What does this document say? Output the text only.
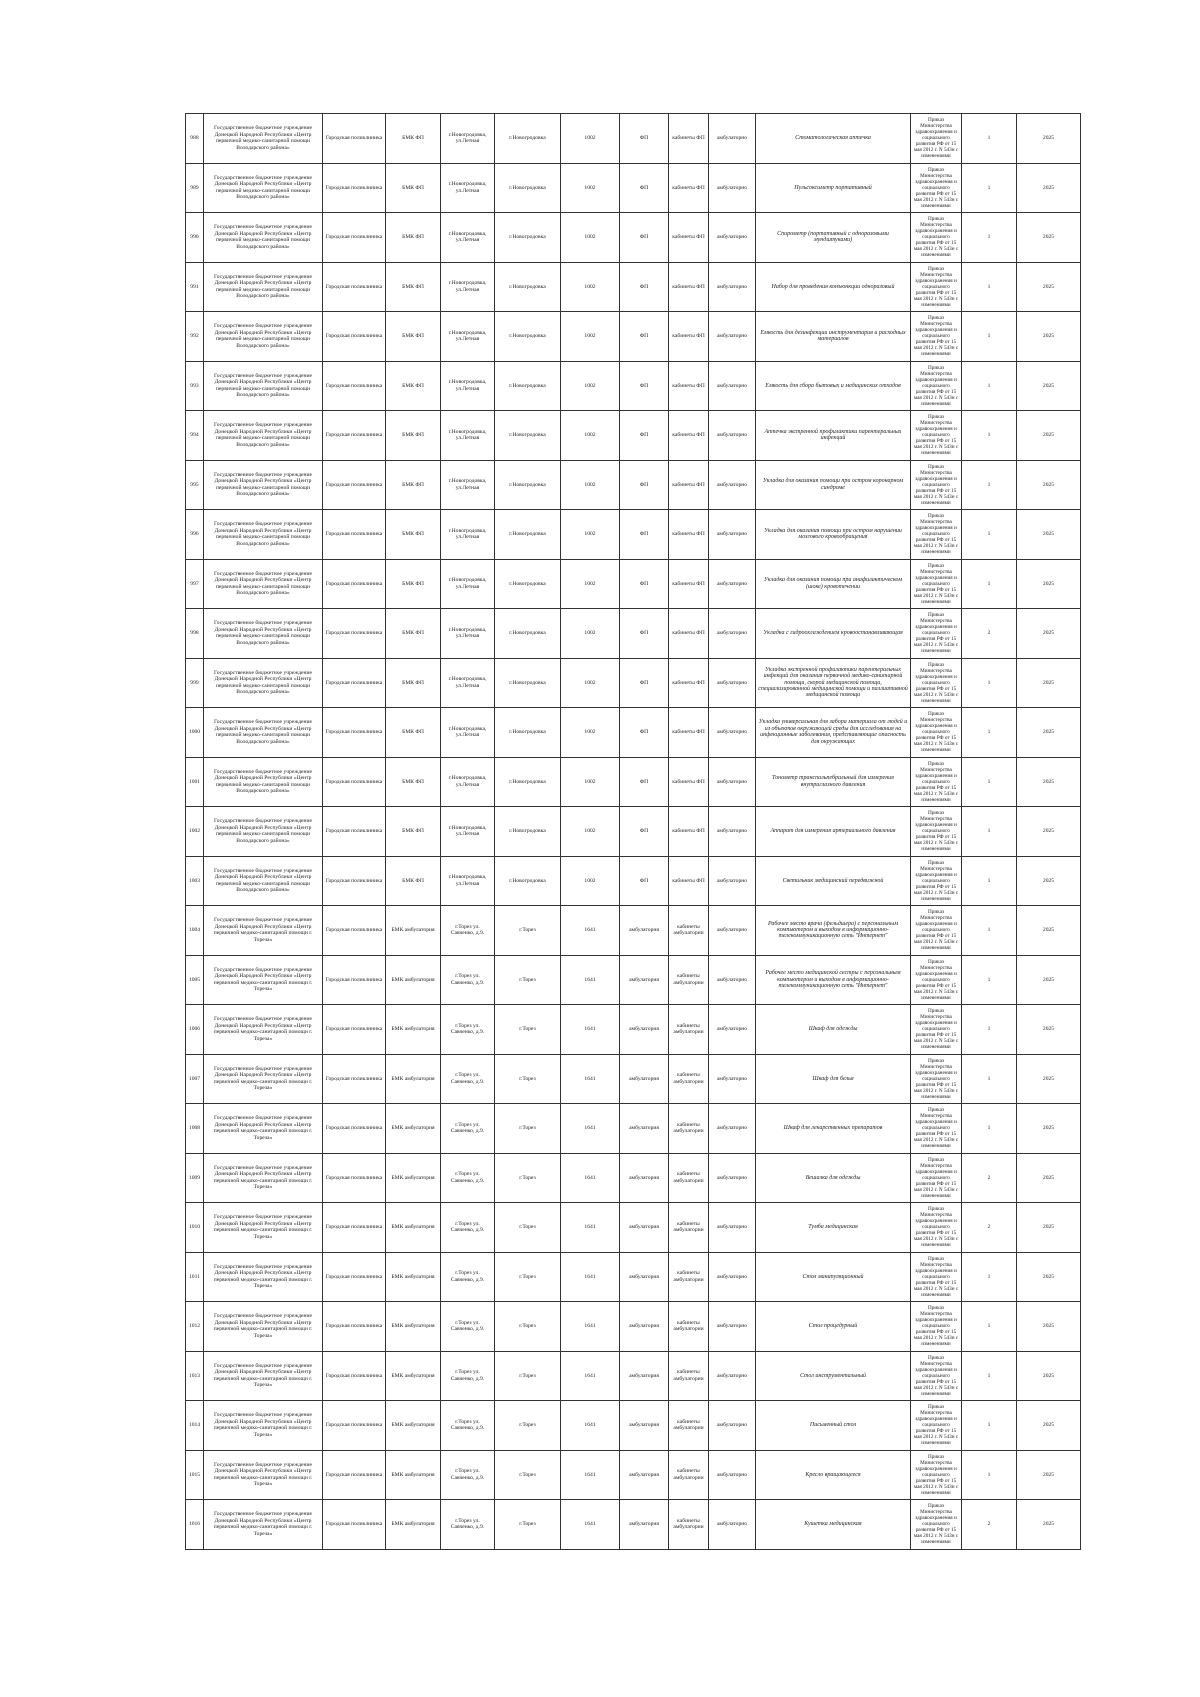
988	Государственное бюджетное учреждение Донецкой Народной Республики «Центр первичной медико-санитарной помощи Володарского района»	Городская поликлиника	БМК ФП	г.Новогродовка, ул.Летная	г.Новогродовка	1002	ФП	кабинеты ФП	амбулаторно	Стоматологическая аптечка	Приказ Министерства здравоохранения и социального развития РФ от 15 мая 2012 г. N 543н с изменениями	1	2025
989	Государственное бюджетное учреждение Донецкой Народной Республики «Центр первичной медико-санитарной помощи Володарского района»	Городская поликлиника	БМК ФП	г.Новогродовка, ул.Летная	г.Новогродовка	1002	ФП	кабинеты ФП	амбулаторно	Пульсоксиметр портативный	Приказ Министерства здравоохранения и социального развития РФ от 15 мая 2012 г. N 543н с изменениями	1	2025
990	Государственное бюджетное учреждение Донецкой Народной Республики «Центр первичной медико-санитарной помощи Володарского района»	Городская поликлиника	БМК ФП	г.Новогродовка, ул.Летная	г.Новогродовка	1002	ФП	кабинеты ФП	амбулаторно	Спирометр (портативный с одноразовыми мундштуками)	Приказ Министерства здравоохранения и социального развития РФ от 15 мая 2012 г. N 543н с изменениями	1	2025
991	Государственное бюджетное учреждение Донецкой Народной Республики «Центр первичной медико-санитарной помощи Володарского района»	Городская поликлиника	БМК ФП	г.Новогродовка, ул.Летная	г.Новогродовка	1002	ФП	кабинеты ФП	амбулаторно	Набор для проведения конъюнкции одноразовый	Приказ Министерства здравоохранения и социального развития РФ от 15 мая 2012 г. N 543н с изменениями	1	2025
992	Государственное бюджетное учреждение Донецкой Народной Республики «Центр первичной медико-санитарной помощи Володарского района»	Городская поликлиника	БМК ФП	г.Новогродовка, ул.Летная	г.Новогродовка	1002	ФП	кабинеты ФП	амбулаторно	Емкость для дезинфекции инструментария и расходных материалов	Приказ Министерства здравоохранения и социального развития РФ от 15 мая 2012 г. N 543н с изменениями	1	2025
993	Государственное бюджетное учреждение Донецкой Народной Республики «Центр первичной медико-санитарной помощи Володарского района»	Городская поликлиника	БМК ФП	г.Новогродовка, ул.Летная	г.Новогродовка	1002	ФП	кабинеты ФП	амбулаторно	Емкость для сбора бытовых и медицинских отходов	Приказ Министерства здравоохранения и социального развития РФ от 15 мая 2012 г. N 543н с изменениями	1	2025
994	Государственное бюджетное учреждение Донецкой Народной Республики «Центр первичной медико-санитарной помощи Володарского района»	Городская поликлиника	БМК ФП	г.Новогродовка, ул.Летная	г.Новогродовка	1002	ФП	кабинеты ФП	амбулаторно	Аптечка экстренной профилактики парентеральных инфекций	Приказ Министерства здравоохранения и социального развития РФ от 15 мая 2012 г. N 543н с изменениями	1	2025
995	Государственное бюджетное учреждение Донецкой Народной Республики «Центр первичной медико-санитарной помощи Володарского района»	Городская поликлиника	БМК ФП	г.Новогродовка, ул.Летная	г.Новогродовка	1002	ФП	кабинеты ФП	амбулаторно	Укладка для оказания помощи при остром коронарном синдроме	Приказ Министерства здравоохранения и социального развития РФ от 15 мая 2012 г. N 543н с изменениями	1	2025
996	Государственное бюджетное учреждение Донецкой Народной Республики «Центр первичной медико-санитарной помощи Володарского района»	Городская поликлиника	БМК ФП	г.Новогродовка, ул.Летная	г.Новогродовка	1002	ФП	кабинеты ФП	амбулаторно	Укладка для оказания помощи при остром нарушении мозгового кровообращения	Приказ Министерства здравоохранения и социального развития РФ от 15 мая 2012 г. N 543н с изменениями	1	2025
997	Государственное бюджетное учреждение Донецкой Народной Республики «Центр первичной медико-санитарной помощи Володарского района»	Городская поликлиника	БМК ФП	г.Новогродовка, ул.Летная	г.Новогродовка	1002	ФП	кабинеты ФП	амбулаторно	Укладка для оказания помощи при анафилактическом (шоке) кровотечении	Приказ Министерства здравоохранения и социального развития РФ от 15 мая 2012 г. N 543н с изменениями	1	2025
998	Государственное бюджетное учреждение Донецкой Народной Республики «Центр первичной медико-санитарной помощи Володарского района»	Городская поликлиника	БМК ФП	г.Новогродовка, ул.Летная	г.Новогродовка	1002	ФП	кабинеты ФП	амбулаторно	Укладка с гидроохлаждением кровоостанавливающая	Приказ Министерства здравоохранения и социального развития РФ от 15 мая 2012 г. N 543н с изменениями	2	2025
999	Государственное бюджетное учреждение Донецкой Народной Республики «Центр первичной медико-санитарной помощи Володарского района»	Городская поликлиника	БМК ФП	г.Новогродовка, ул.Летная	г.Новогродовка	1002	ФП	кабинеты ФП	амбулаторно	Укладка экстренной профилактики парентеральных инфекций для оказания первичной медико-санитарной помощи, скорой медицинской помощи, специализированной медицинской помощи и паллиативной медицинской помощи	Приказ Министерства здравоохранения и социального развития РФ от 15 мая 2012 г. N 543н с изменениями	1	2025
1000	Государственное бюджетное учреждение Донецкой Народной Республики «Центр первичной медико-санитарной помощи Володарского района»	Городская поликлиника	БМК ФП	г.Новогродовка, ул.Летная	г.Новогродовка	1002	ФП	кабинеты ФП	амбулаторно	Укладка универсальная для забора материала от людей и из объектов окружающей среды для исследования на инфекционные заболевания, представляющие опасность для окружающих	Приказ Министерства здравоохранения и социального развития РФ от 15 мая 2012 г. N 543н с изменениями	1	2025
1001	Государственное бюджетное учреждение Донецкой Народной Республики «Центр первичной медико-санитарной помощи Володарского района»	Городская поликлиника	БМК ФП	г.Новогродовка, ул.Летная	г.Новогродовка	1002	ФП	кабинеты ФП	амбулаторно	Тонометр транспальпебральный для измерения внутриглазного давления	Приказ Министерства здравоохранения и социального развития РФ от 15 мая 2012 г. N 543н с изменениями	1	2025
1002	Государственное бюджетное учреждение Донецкой Народной Республики «Центр первичной медико-санитарной помощи Володарского района»	Городская поликлиника	БМК ФП	г.Новогродовка, ул.Летная	г.Новогродовка	1002	ФП	кабинеты ФП	амбулаторно	Аппарат для измерения артериального давления	Приказ Министерства здравоохранения и социального развития РФ от 15 мая 2012 г. N 543н с изменениями	1	2025
1003	Государственное бюджетное учреждение Донецкой Народной Республики «Центр первичной медико-санитарной помощи Володарского района»	Городская поликлиника	БМК ФП	г.Новогродовка, ул.Летная	г.Новогродовка	1002	ФП	кабинеты ФП	амбулаторно	Светильник медицинский передвижной	Приказ Министерства здравоохранения и социального развития РФ от 15 мая 2012 г. N 543н с изменениями	1	2025
1004	Государственное бюджетное учреждение Донецкой Народной Республики «Центр первичной медико-санитарной помощи г. Тореза»	Городская поликлиника	БМК амбулатория	г.Торез ул. Савченко, д.9.	г.Торез	1641	амбулатория	кабинеты амбулатории	амбулаторно	Рабочее место врача (фельдшера) с персональным компьютером и выходом в информационно-телекоммуникационную сеть "Интернет"	Приказ Министерства здравоохранения и социального развития РФ от 15 мая 2012 г. N 543н с изменениями	1	2025
1005	Государственное бюджетное учреждение Донецкой Народной Республики «Центр первичной медико-санитарной помощи г. Тореза»	Городская поликлиника	БМК амбулатория	г.Торез ул. Савченко, д.9.	г.Торез	1641	амбулатория	кабинеты амбулатории	амбулаторно	Рабочее место медицинской сестры с персональным компьютером и выходом в информационно-телекоммуникационную сеть "Интернет"	Приказ Министерства здравоохранения и социального развития РФ от 15 мая 2012 г. N 543н с изменениями	1	2025
1006	Государственное бюджетное учреждение Донецкой Народной Республики «Центр первичной медико-санитарной помощи г. Тореза»	Городская поликлиника	БМК амбулатория	г.Торез ул. Савченко, д.9.	г.Торез	1641	амбулатория	кабинеты амбулатории	амбулаторно	Шкаф для одежды	Приказ Министерства здравоохранения и социального развития РФ от 15 мая 2012 г. N 543н с изменениями	1	2025
1007	Государственное бюджетное учреждение Донецкой Народной Республики «Центр первичной медико-санитарной помощи г. Тореза»	Городская поликлиника	БМК амбулатория	г.Торез ул. Савченко, д.9.	г.Торез	1641	амбулатория	кабинеты амбулатории	амбулаторно	Шкаф для белья	Приказ Министерства здравоохранения и социального развития РФ от 15 мая 2012 г. N 543н с изменениями	1	2025
1008	Государственное бюджетное учреждение Донецкой Народной Республики «Центр первичной медико-санитарной помощи г. Тореза»	Городская поликлиника	БМК амбулатория	г.Торез ул. Савченко, д.9.	г.Торез	1641	амбулатория	кабинеты амбулатории	амбулаторно	Шкаф для лекарственных препаратов	Приказ Министерства здравоохранения и социального развития РФ от 15 мая 2012 г. N 543н с изменениями	1	2025
1009	Государственное бюджетное учреждение Донецкой Народной Республики «Центр первичной медико-санитарной помощи г. Тореза»	Городская поликлиника	БМК амбулатория	г.Торез ул. Савченко, д.9.	г.Торез	1641	амбулатория	кабинеты амбулатории	амбулаторно	Вешалка для одежды	Приказ Министерства здравоохранения и социального развития РФ от 15 мая 2012 г. N 543н с изменениями	2	2025
1010	Государственное бюджетное учреждение Донецкой Народной Республики «Центр первичной медико-санитарной помощи г. Тореза»	Городская поликлиника	БМК амбулатория	г.Торез ул. Савченко, д.9.	г.Торез	1641	амбулатория	кабинеты амбулатории	амбулаторно	Тумба медицинская	Приказ Министерства здравоохранения и социального развития РФ от 15 мая 2012 г. N 543н с изменениями	2	2025
1011	Государственное бюджетное учреждение Донецкой Народной Республики «Центр первичной медико-санитарной помощи г. Тореза»	Городская поликлиника	БМК амбулатория	г.Торез ул. Савченко, д.9.	г.Торез	1641	амбулатория	кабинеты амбулатории	амбулаторно	Стол манипуляционный	Приказ Министерства здравоохранения и социального развития РФ от 15 мая 2012 г. N 543н с изменениями	1	2025
1012	Государственное бюджетное учреждение Донецкой Народной Республики «Центр первичной медико-санитарной помощи г. Тореза»	Городская поликлиника	БМК амбулатория	г.Торез ул. Савченко, д.9.	г.Торез	1641	амбулатория	кабинеты амбулатории	амбулаторно	Стол процедурный	Приказ Министерства здравоохранения и социального развития РФ от 15 мая 2012 г. N 543н с изменениями	1	2025
1013	Государственное бюджетное учреждение Донецкой Народной Республики «Центр первичной медико-санитарной помощи г. Тореза»	Городская поликлиника	БМК амбулатория	г.Торез ул. Савченко, д.9.	г.Торез	1641	амбулатория	кабинеты амбулатории	амбулаторно	Стол инструментальный	Приказ Министерства здравоохранения и социального развития РФ от 15 мая 2012 г. N 543н с изменениями	1	2025
1014	Государственное бюджетное учреждение Донецкой Народной Республики «Центр первичной медико-санитарной помощи г. Тореза»	Городская поликлиника	БМК амбулатория	г.Торез ул. Савченко, д.9.	г.Торез	1641	амбулатория	кабинеты амбулатории	амбулаторно	Письменный стол	Приказ Министерства здравоохранения и социального развития РФ от 15 мая 2012 г. N 543н с изменениями	1	2025
1015	Государственное бюджетное учреждение Донецкой Народной Республики «Центр первичной медико-санитарной помощи г. Тореза»	Городская поликлиника	БМК амбулатория	г.Торез ул. Савченко, д.9.	г.Торез	1641	амбулатория	кабинеты амбулатории	амбулаторно	Кресло вращающееся	Приказ Министерства здравоохранения и социального развития РФ от 15 мая 2012 г. N 543н с изменениями	1	2025
1016	Государственное бюджетное учреждение Донецкой Народной Республики «Центр первичной медико-санитарной помощи г. Тореза»	Городская поликлиника	БМК амбулатория	г.Торез ул. Савченко, д.9.	г.Торез	1641	амбулатория	кабинеты амбулатории	амбулаторно	Кушетка медицинская	Приказ Министерства здравоохранения и социального развития РФ от 15 мая 2012 г. N 543н с изменениями	2	2025
